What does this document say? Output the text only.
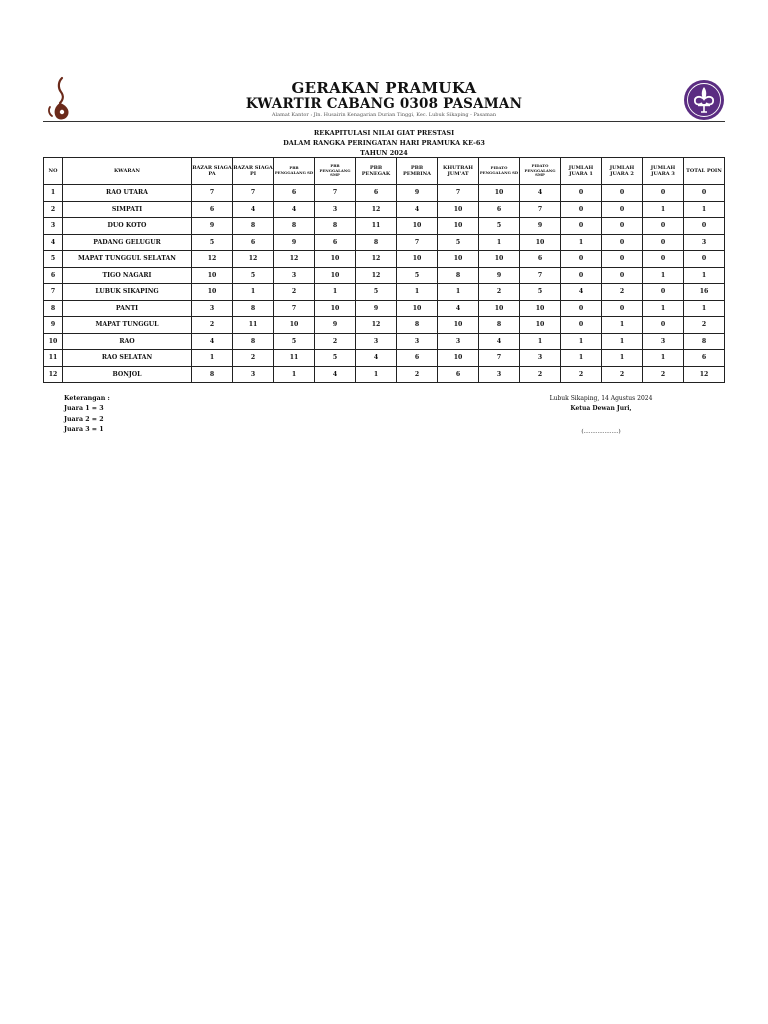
GERAKAN PRAMUKA
KWARTIR CABANG 0308 PASAMAN
Alamat Kantor : Jln. Husairin Kenagarian Durian Tinggi, Kec. Lubuk Sikaping - Pasaman
REKAPITULASI NILAI GIAT PRESTASI
DALAM RANGKA PERINGATAN HARI PRAMUKA KE-63
TAHUN 2024
NO	KWARAN	BAZAR SIAGA PA	BAZAR SIAGA PI	PBB PENGGALANG SD	PBB PENGGALANG SMP	PBB PENEGAK	PBB PEMBINA	KHUTBAH JUM'AT	PIDATO PENGGALANG SD	PIDATO PENGGALANG SMP	JUMLAH JUARA 1	JUMLAH JUARA 2	JUMLAH JUARA 3	TOTAL POIN
1	RAO UTARA	7	7	6	7	6	9	7	10	4	0	0	0	0
2	SIMPATI	6	4	4	3	12	4	10	6	7	0	0	1	1
3	DUO KOTO	9	8	8	8	11	10	10	5	9	0	0	0	0
4	PADANG GELUGUR	5	6	9	6	8	7	5	1	10	1	0	0	3
5	MAPAT TUNGGUL SELATAN	12	12	12	10	12	10	10	10	6	0	0	0	0
6	TIGO NAGARI	10	5	3	10	12	5	8	9	7	0	0	1	1
7	LUBUK SIKAPING	10	1	2	1	5	1	1	2	5	4	2	0	16
8	PANTI	3	8	7	10	9	10	4	10	10	0	0	1	1
9	MAPAT TUNGGUL	2	11	10	9	12	8	10	8	10	0	1	0	2
10	RAO	4	8	5	2	3	3	3	4	1	1	1	3	8
11	RAO SELATAN	1	2	11	5	4	6	10	7	3	1	1	1	6
12	BONJOL	8	3	1	4	1	2	6	3	2	2	2	2	12
Keterangan :
Juara 1 = 3
Juara 2 = 2
Juara 3 = 1
Lubuk Sikaping, 14 Agustus 2024
Ketua Dewan Juri,
(....................)
